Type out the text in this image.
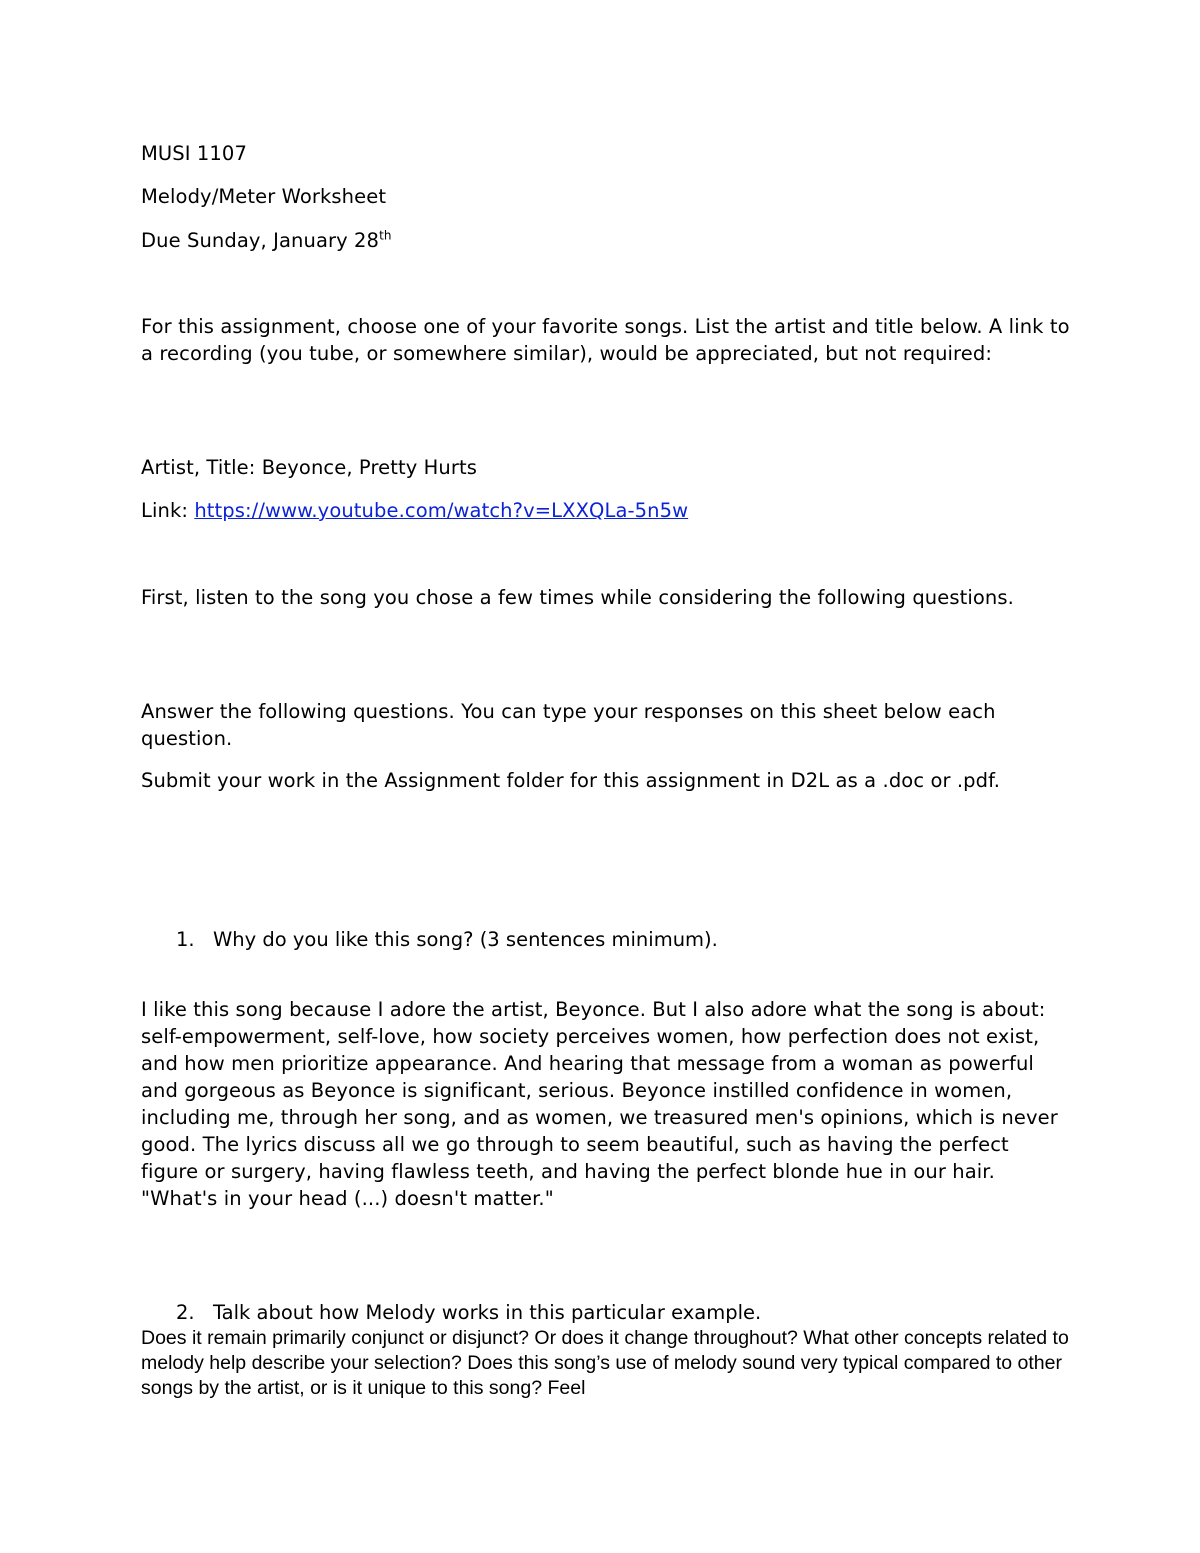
MUSI 1107
Melody/Meter Worksheet
Due Sunday, January 28th
For this assignment, choose one of your favorite songs. List the artist and title below. A link to a recording (you tube, or somewhere similar), would be appreciated, but not required:
Artist, Title: Beyonce, Pretty Hurts
Link: https://www.youtube.com/watch?v=LXXQLa-5n5w
First, listen to the song you chose a few times while considering the following questions.
Answer the following questions. You can type your responses on this sheet below each question.
Submit your work in the Assignment folder for this assignment in D2L as a .doc or .pdf.
1. Why do you like this song? (3 sentences minimum).
I like this song because I adore the artist, Beyonce. But I also adore what the song is about: self-empowerment, self-love, how society perceives women, how perfection does not exist, and how men prioritize appearance. And hearing that message from a woman as powerful and gorgeous as Beyonce is significant, serious. Beyonce instilled confidence in women, including me, through her song, and as women, we treasured men's opinions, which is never good. The lyrics discuss all we go through to seem beautiful, such as having the perfect figure or surgery, having flawless teeth, and having the perfect blonde hue in our hair. "What's in your head (...) doesn't matter."
2. Talk about how Melody works in this particular example.
Does it remain primarily conjunct or disjunct? Or does it change throughout? What other concepts related to melody help describe your selection? Does this song’s use of melody sound very typical compared to other songs by the artist, or is it unique to this song? Feel
